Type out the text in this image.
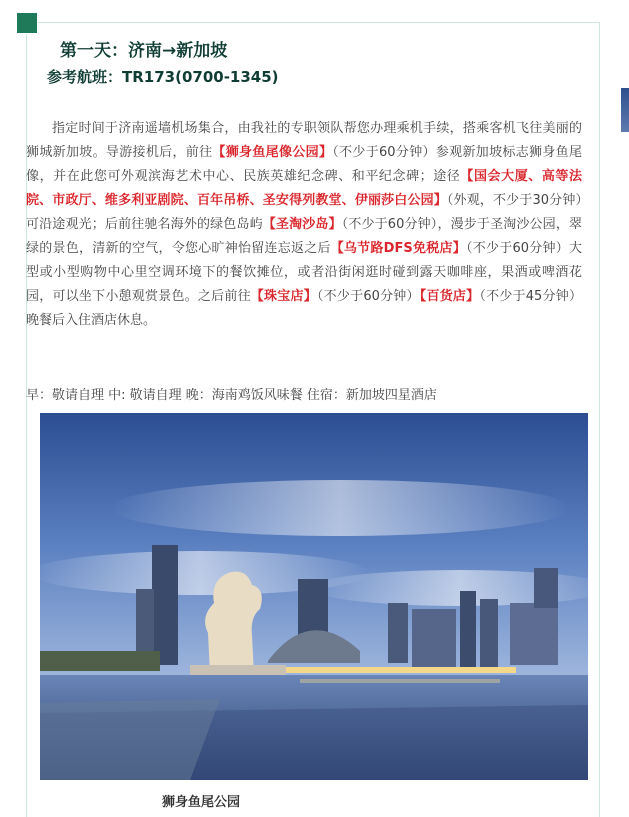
第一天：济南→新加坡
参考航班：TR173(0700-1345)

指定时间于济南遥墙机场集合，由我社的专职领队帮您办理乘机手续，搭乘客机飞往美丽的狮城新加坡。导游接机后，前往【狮身鱼尾像公园】（不少于60分钟）参观新加坡标志狮身鱼尾像，并在此您可外观滨海艺术中心、民族英雄纪念碑、和平纪念碑；途径【国会大厦、高等法院、市政厅、维多利亚剧院、百年吊桥、圣安得列教堂、伊丽莎白公园】（外观，不少于30分钟）可沿途观光；后前往驰名海外的绿色岛屿【圣淘沙岛】（不少于60分钟），漫步于圣淘沙公园，翠绿的景色，清新的空气，令您心旷神怡留连忘返之后【乌节路DFS免税店】（不少于60分钟）大型或小型购物中心里空调环境下的餐饮摊位，或者沿街闲逛时碰到露天咖啡座，果酒或啤酒花园，可以坐下小憩观赏景色。之后前往【珠宝店】（不少于60分钟）【百货店】（不少于45分钟）晚餐后入住酒店休息。

早：敬请自理 中: 敬请自理 晚：海南鸡饭风味餐 住宿：新加坡四星酒店
狮身鱼尾公园
